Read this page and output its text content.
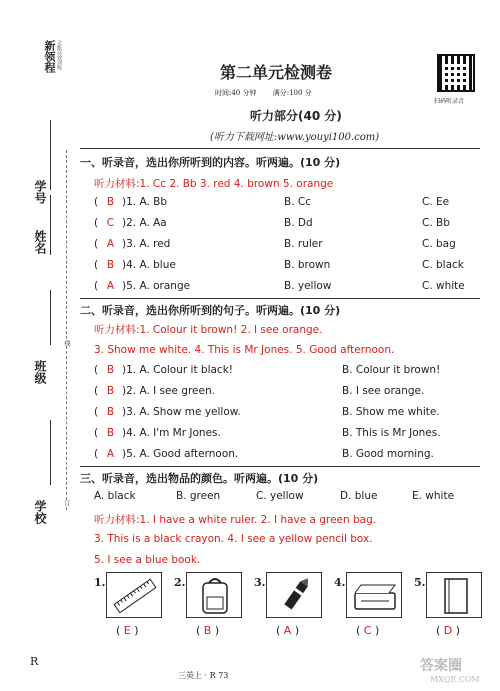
新领程 全能高效训练
学号
姓名
班级
学校
线
订
R
第二单元检测卷
时间:40 分钟 满分:100 分
扫码听录音
听力部分(40 分)
(听力下载网址:www.youyi100.com)
一、听录音，选出你所听到的内容。听两遍。(10 分)
听力材料:1. Cc 2. Bb 3. red 4. brown 5. orange
( B )1. A. Bb	B. Cc	C. Ee
( C )2. A. Aa	B. Dd	C. Bb
( A )3. A. red	B. ruler	C. bag
( B )4. A. blue	B. brown	C. black
( A )5. A. orange	B. yellow	C. white
二、听录音，选出你所听到的句子。听两遍。(10 分)
听力材料:1. Colour it brown! 2. I see orange.
3. Show me white. 4. This is Mr Jones. 5. Good afternoon.
( B )1. A. Colour it black!	B. Colour it brown!
( B )2. A. I see green.	B. I see orange.
( B )3. A. Show me yellow.	B. Show me white.
( B )4. A. I'm Mr Jones.	B. This is Mr Jones.
( A )5. A. Good afternoon.	B. Good morning.
三、听录音，选出物品的颜色。听两遍。(10 分)
A. black	B. green	C. yellow	D. blue	E. white
听力材料:1. I have a white ruler. 2. I have a green bag.
3. This is a black crayon. 4. I see a yellow pencil box.
5. I see a blue book.
1.
( E )
2.
( B )
3.
( A )
4.
( C )
5.
( D )
三英上 · R 73
答案圈
MXQE.COM
